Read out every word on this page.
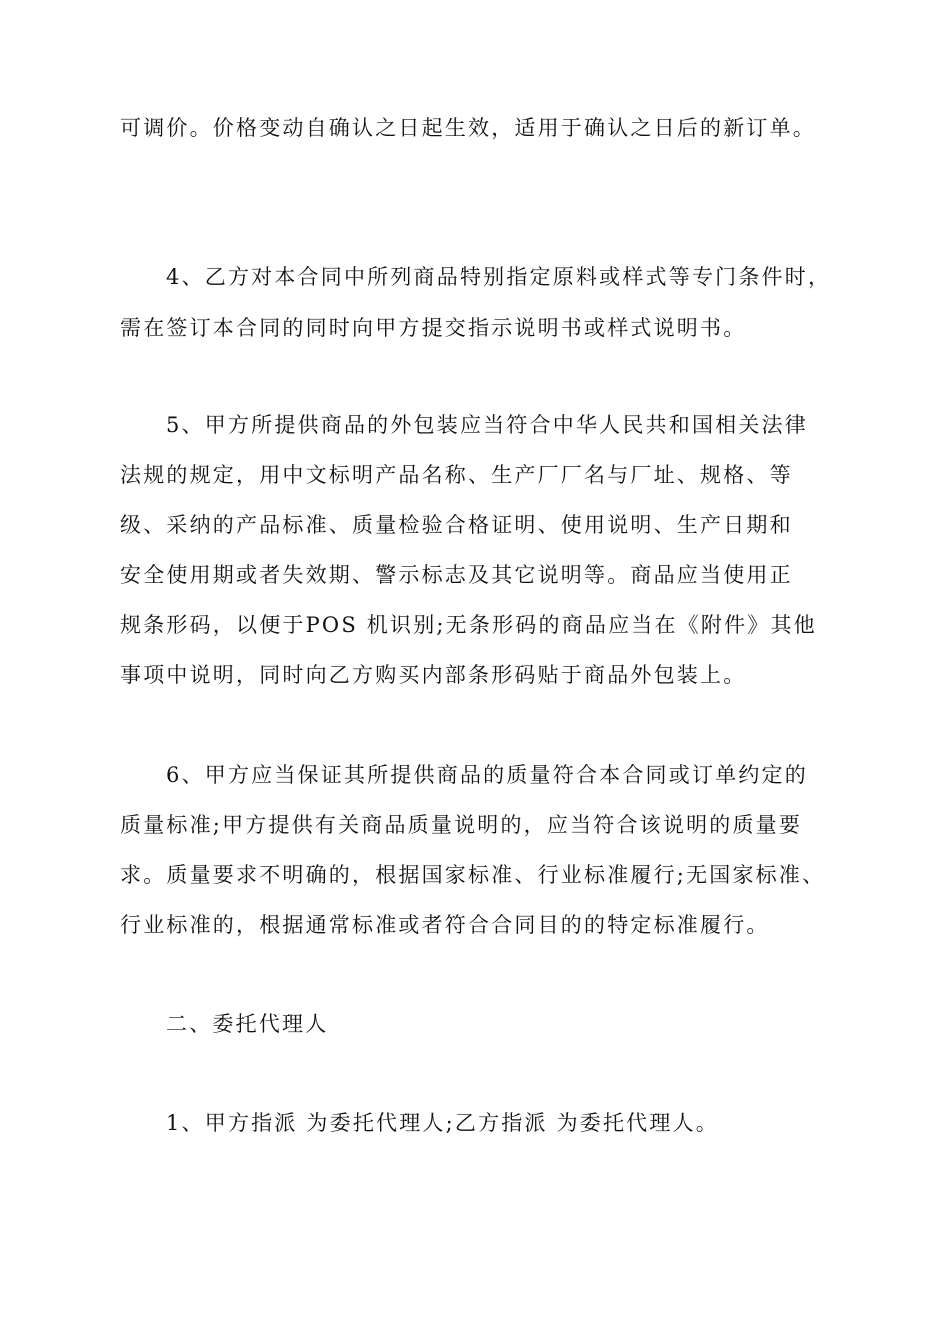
可调价。价格变动自确认之日起生效，适用于确认之日后的新订单。
4、乙方对本合同中所列商品特别指定原料或样式等专门条件时，
需在签订本合同的同时向甲方提交指示说明书或样式说明书。
5、甲方所提供商品的外包装应当符合中华人民共和国相关法律
法规的规定，用中文标明产品名称、生产厂厂名与厂址、规格、等
级、采纳的产品标准、质量检验合格证明、使用说明、生产日期和
安全使用期或者失效期、警示标志及其它说明等。商品应当使用正
规条形码，以便于POS 机识别;无条形码的商品应当在《附件》其他
事项中说明，同时向乙方购买内部条形码贴于商品外包装上。
6、甲方应当保证其所提供商品的质量符合本合同或订单约定的
质量标准;甲方提供有关商品质量说明的，应当符合该说明的质量要
求。质量要求不明确的，根据国家标准、行业标准履行;无国家标准、
行业标准的，根据通常标准或者符合合同目的的特定标准履行。
二、委托代理人
1、甲方指派 为委托代理人;乙方指派 为委托代理人。
